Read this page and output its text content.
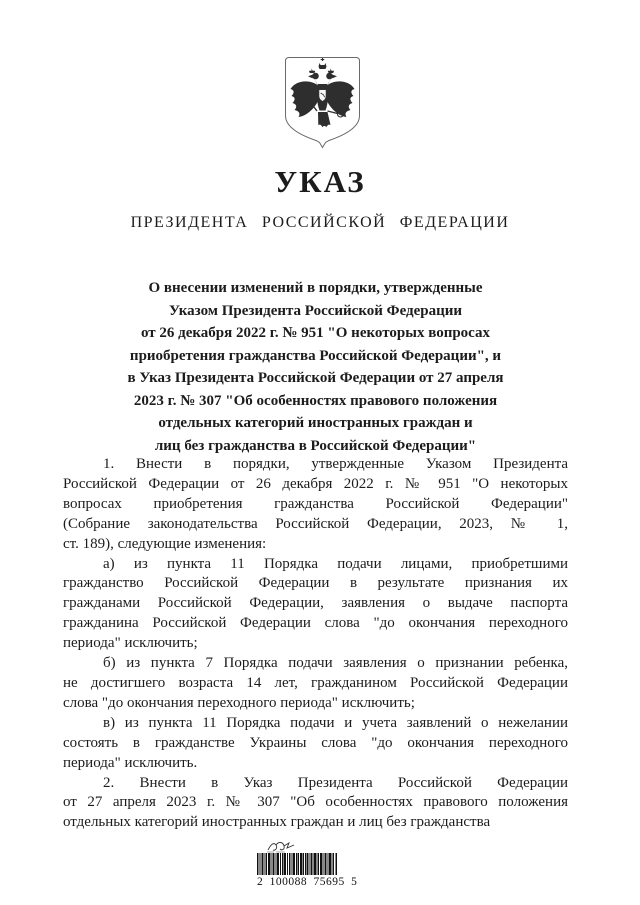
УКАЗ
ПРЕЗИДЕНТА РОССИЙСКОЙ ФЕДЕРАЦИИ
О внесении изменений в порядки, утвержденные
Указом Президента Российской Федерации
от 26 декабря 2022 г. № 951 "О некоторых вопросах
приобретения гражданства Российской Федерации", и
в Указ Президента Российской Федерации от 27 апреля
2023 г. № 307 "Об особенностях правового положения
отдельных категорий иностранных граждан и
лиц без гражданства в Российской Федерации"
1. Внести в порядки, утвержденные Указом Президента
Российской Федерации от 26 декабря 2022 г. № 951 "О некоторых
вопросах приобретения гражданства Российской Федерации"
(Собрание законодательства Российской Федерации, 2023, № 1,
ст. 189), следующие изменения:
а) из пункта 11 Порядка подачи лицами, приобретшими
гражданство Российской Федерации в результате признания их
гражданами Российской Федерации, заявления о выдаче паспорта
гражданина Российской Федерации слова "до окончания переходного
периода" исключить;
б) из пункта 7 Порядка подачи заявления о признании ребенка,
не достигшего возраста 14 лет, гражданином Российской Федерации
слова "до окончания переходного периода" исключить;
в) из пункта 11 Порядка подачи и учета заявлений о нежелании
состоять в гражданстве Украины слова "до окончания переходного
периода" исключить.
2. Внести в Указ Президента Российской Федерации
от 27 апреля 2023 г. № 307 "Об особенностях правового положения
отдельных категорий иностранных граждан и лиц без гражданства
2 100088 75695 5
